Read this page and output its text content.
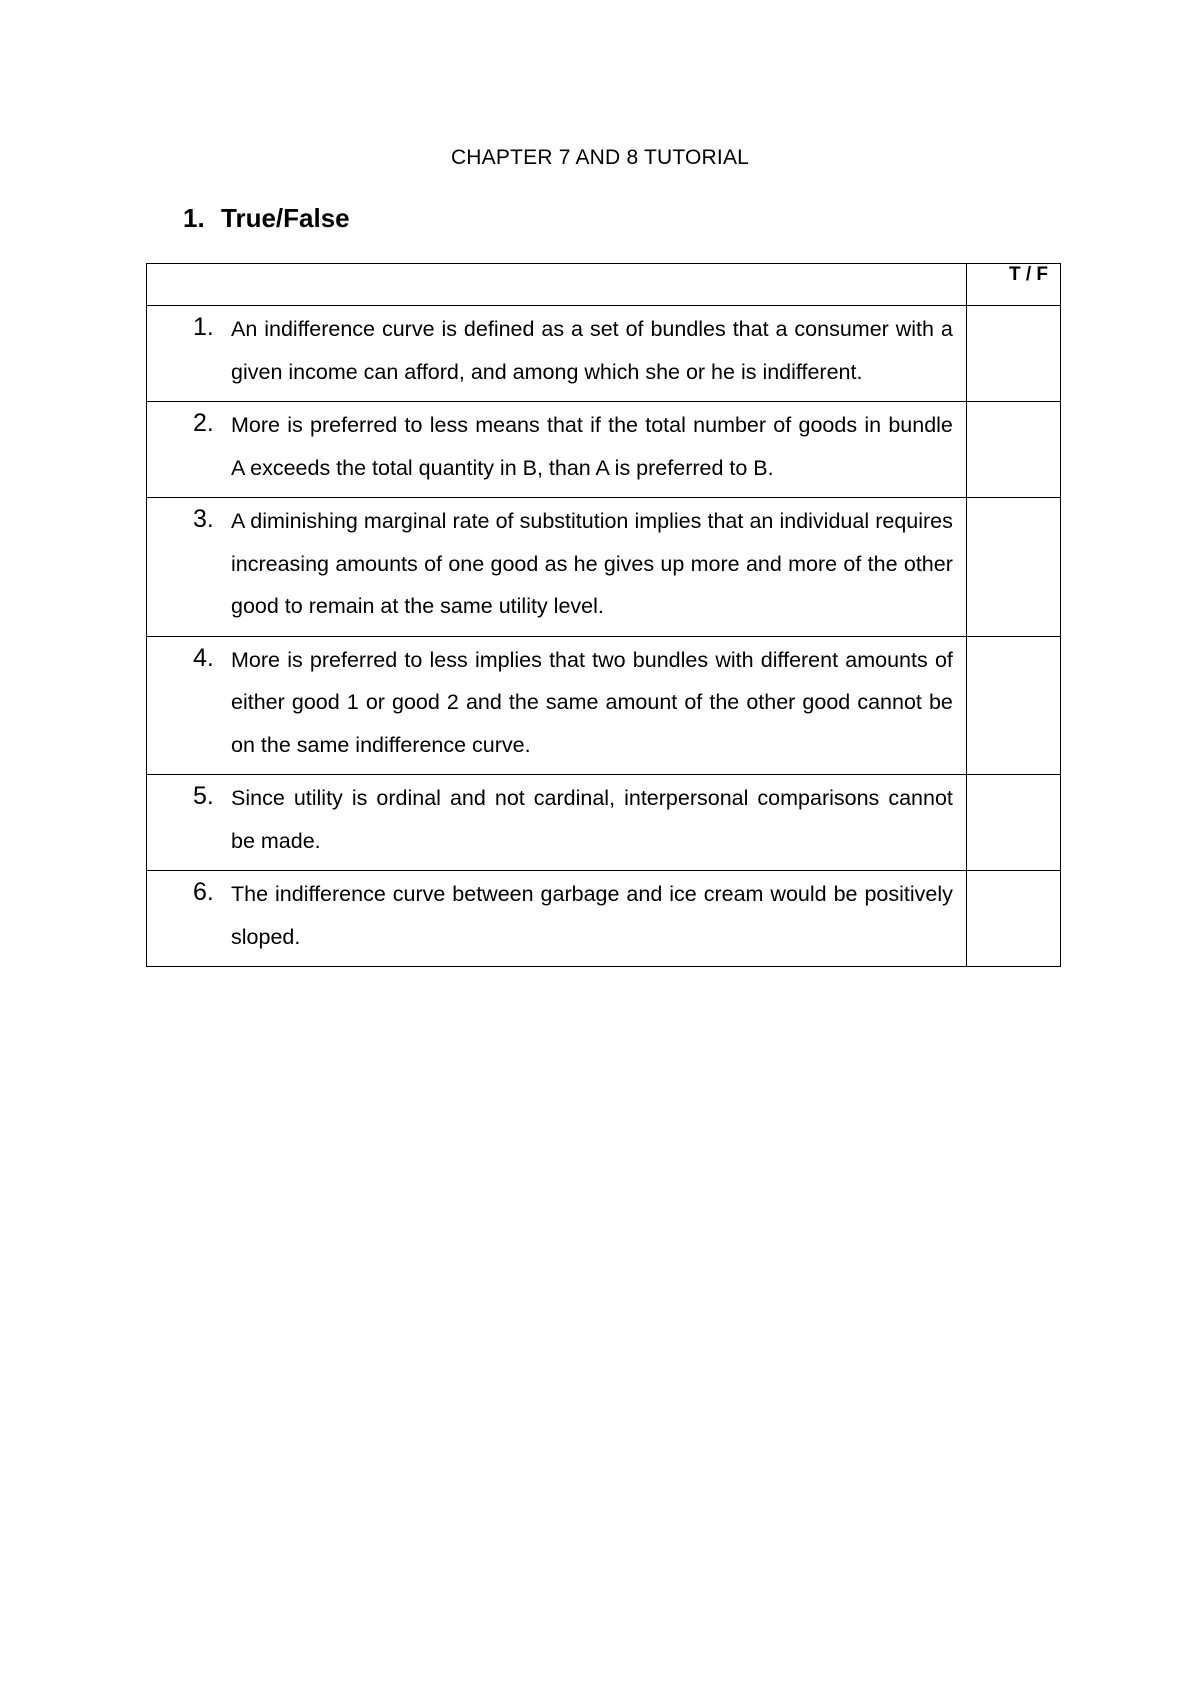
CHAPTER 7 AND 8 TUTORIAL
1. True/False
	T / F

1. An indifference curve is defined as a set of bundles that a consumer with a given income can afford, and among which she or he is indifferent.	

2. More is preferred to less means that if the total number of goods in bundle A exceeds the total quantity in B, than A is preferred to B.	

3. A diminishing marginal rate of substitution implies that an individual requires increasing amounts of one good as he gives up more and more of the other good to remain at the same utility level.	

4. More is preferred to less implies that two bundles with different amounts of either good 1 or good 2 and the same amount of the other good cannot be on the same indifference curve.	

5. Since utility is ordinal and not cardinal, interpersonal comparisons cannot be made.	

6. The indifference curve between garbage and ice cream would be positively sloped.	
